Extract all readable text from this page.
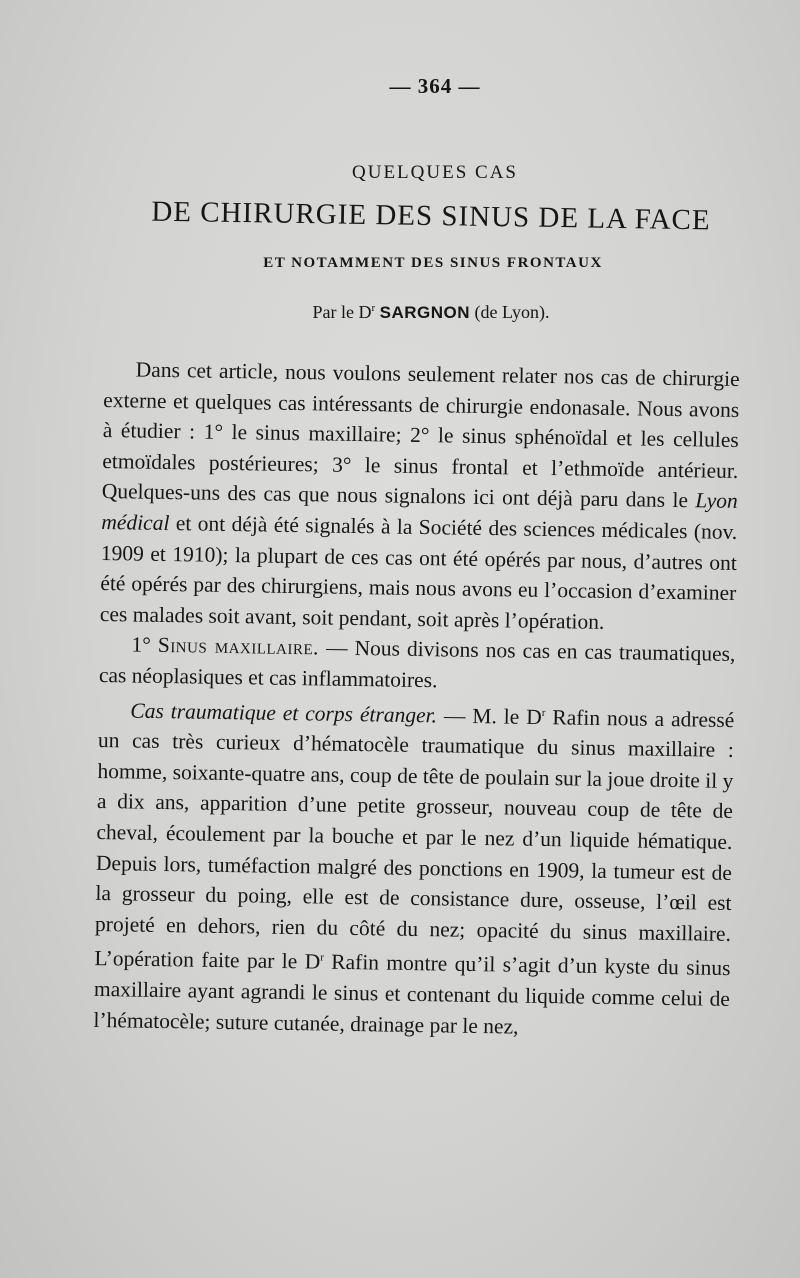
— 364 —
QUELQUES CAS
DE CHIRURGIE DES SINUS DE LA FACE
ET NOTAMMENT DES SINUS FRONTAUX
Par le $D^r$ SARGNON (de Lyon).

Dans cet article, nous voulons seulement relater nos cas de chirurgie externe et quelques cas intéressants de chirurgie endonasale. Nous avons à étudier : 1° le sinus maxillaire; 2° le sinus sphénoïdal et les cellules etmoïdales postérieures; 3° le sinus frontal et l’ethmoïde antérieur. Quelques-uns des cas que nous signalons ici ont déjà paru dans le Lyon médical et ont déjà été signalés à la Société des sciences médicales (nov. 1909 et 1910); la plupart de ces cas ont été opérés par nous, d’autres ont été opérés par des chirurgiens, mais nous avons eu l’occasion d’examiner ces malades soit avant, soit pendant, soit après l’opération.

1° Sinus maxillaire. — Nous divisons nos cas en cas traumatiques, cas néoplasiques et cas inflammatoires.

Cas traumatique et corps étranger. — M. le $D^r$ Rafin nous a adressé un cas très curieux d’hématocèle traumatique du sinus maxillaire : homme, soixante-quatre ans, coup de tête de poulain sur la joue droite il y a dix ans, apparition d’une petite grosseur, nouveau coup de tête de cheval, écoulement par la bouche et par le nez d’un liquide hématique. Depuis lors, tuméfaction malgré des ponctions en 1909, la tumeur est de la grosseur du poing, elle est de consistance dure, osseuse, l’œil est projeté en dehors, rien du côté du nez; opacité du sinus maxillaire. L’opération faite par le $D^r$ Rafin montre qu’il s’agit d’un kyste du sinus maxillaire ayant agrandi le sinus et contenant du liquide comme celui de l’hématocèle; suture cutanée, drainage par le nez,
